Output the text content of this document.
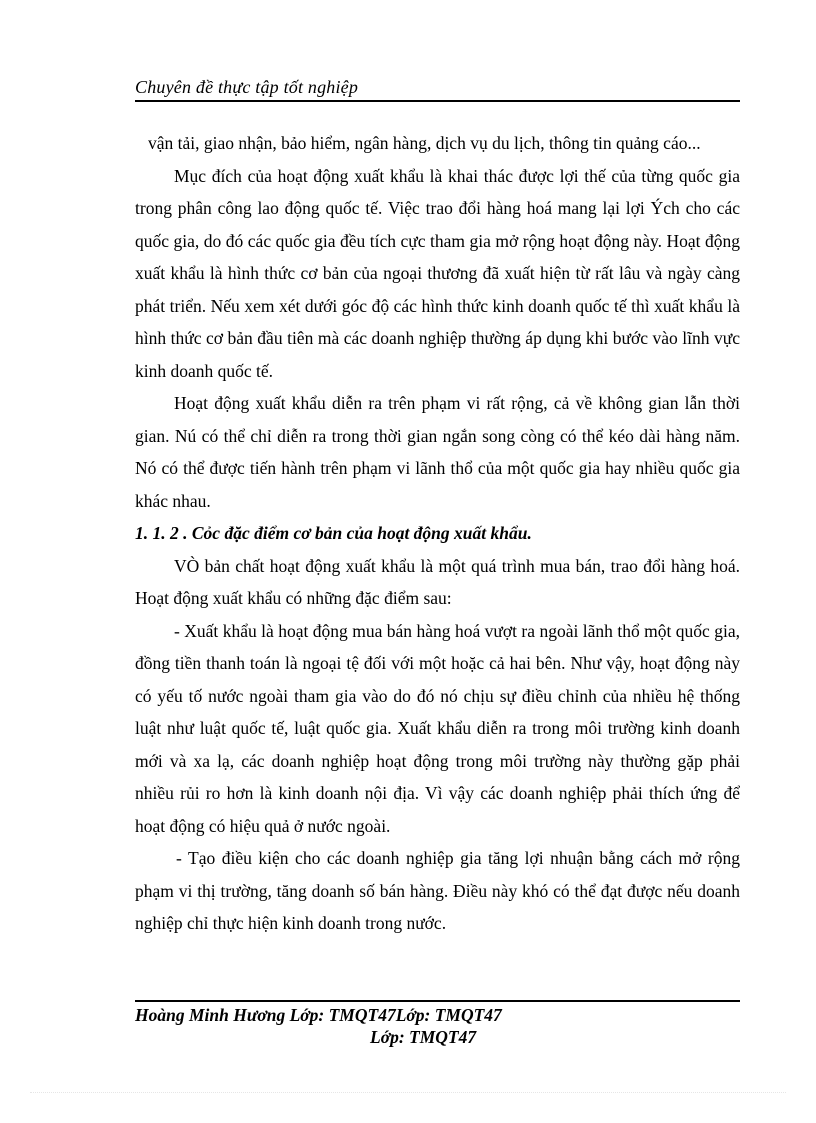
Chuyên đề thực tập tốt nghiệp

vận tải, giao nhận, bảo hiểm, ngân hàng, dịch vụ du lịch, thông tin quảng cáo...

Mục đích của hoạt động xuất khẩu là khai thác được lợi thế của từng quốc gia trong phân công lao động quốc tế. Việc trao đổi hàng hoá mang lại lợi Ých cho các quốc gia, do đó các quốc gia đều tích cực tham gia mở rộng hoạt động này. Hoạt động xuất khẩu là hình thức cơ bản của ngoại thương đã xuất hiện từ rất lâu và ngày càng phát triển. Nếu xem xét dưới góc độ các hình thức kinh doanh quốc tế thì xuất khẩu là hình thức cơ bản đầu tiên mà các doanh nghiệp thường áp dụng khi bước vào lĩnh vực kinh doanh quốc tế.

Hoạt động xuất khẩu diễn ra trên phạm vi rất rộng, cả về không gian lẫn thời gian. Nú có thể chỉ diễn ra trong thời gian ngắn song còng có thể kéo dài hàng năm. Nó có thể được tiến hành trên phạm vi lãnh thổ của một quốc gia hay nhiều quốc gia khác nhau.

1. 1. 2 . Cỏc đặc điểm cơ bản của hoạt động xuất khẩu.

VÒ bản chất hoạt động xuất khẩu là một quá trình mua bán, trao đổi hàng hoá. Hoạt động xuất khẩu có những đặc điểm sau:

- Xuất khẩu là hoạt động mua bán hàng hoá vượt ra ngoài lãnh thổ một quốc gia, đồng tiền thanh toán là ngoại tệ đối với một hoặc cả hai bên. Như vậy, hoạt động này có yếu tố nước ngoài tham gia vào do đó nó chịu sự điều chỉnh của nhiều hệ thống luật như luật quốc tế, luật quốc gia. Xuất khẩu diễn ra trong môi trường kinh doanh mới và xa lạ, các doanh nghiệp hoạt động trong môi trường này thường gặp phải nhiều rủi ro hơn là kinh doanh nội địa. Vì vậy các doanh nghiệp phải thích ứng để hoạt động có hiệu quả ở nước ngoài.

- Tạo điều kiện cho các doanh nghiệp gia tăng lợi nhuận bằng cách mở rộng phạm vi thị trường, tăng doanh số bán hàng. Điều này khó có thể đạt được nếu doanh nghiệp chỉ thực hiện kinh doanh trong nước.

Hoàng Minh Hương Lớp: TMQT47Lớp: TMQT47
Lớp: TMQT47
